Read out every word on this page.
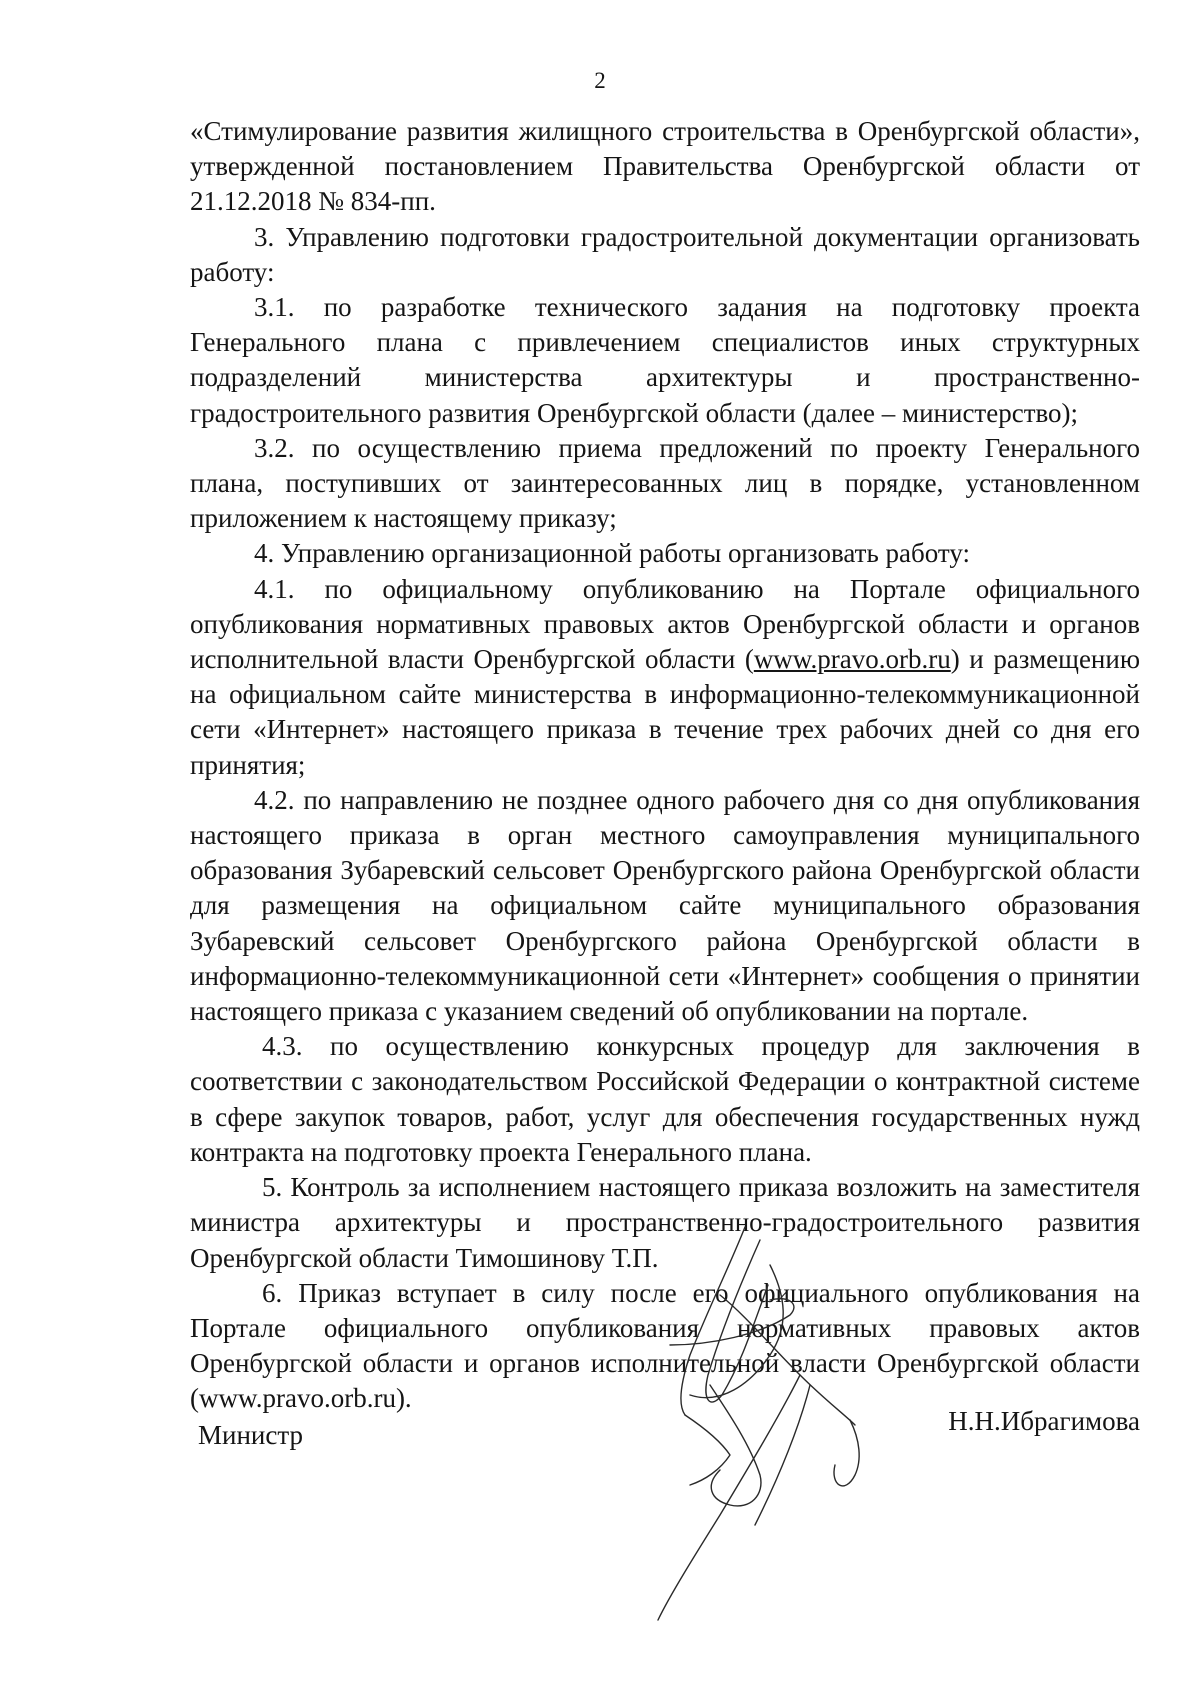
2

«Стимулирование развития жилищного строительства в Оренбургской области», утвержденной постановлением Правительства Оренбургской области от 21.12.2018 № 834-пп.

3. Управлению подготовки градостроительной документации организовать работу:

3.1. по разработке технического задания на подготовку проекта Генерального плана с привлечением специалистов иных структурных подразделений министерства архитектуры и пространственно-градостроительного развития Оренбургской области (далее – министерство);

3.2. по осуществлению приема предложений по проекту Генерального плана, поступивших от заинтересованных лиц в порядке, установленном приложением к настоящему приказу;

4. Управлению организационной работы организовать работу:

4.1. по официальному опубликованию на Портале официального опубликования нормативных правовых актов Оренбургской области и органов исполнительной власти Оренбургской области (www.pravo.orb.ru) и размещению на официальном сайте министерства в информационно-телекоммуникационной сети «Интернет» настоящего приказа в течение трех рабочих дней со дня его принятия;

4.2. по направлению не позднее одного рабочего дня со дня опубликования настоящего приказа в орган местного самоуправления муниципального образования Зубаревский сельсовет Оренбургского района Оренбургской области для размещения на официальном сайте муниципального образования Зубаревский сельсовет Оренбургского района Оренбургской области в информационно-телекоммуникационной сети «Интернет» сообщения о принятии настоящего приказа с указанием сведений об опубликовании на портале.

4.3. по осуществлению конкурсных процедур для заключения в соответствии с законодательством Российской Федерации о контрактной системе в сфере закупок товаров, работ, услуг для обеспечения государственных нужд контракта на подготовку проекта Генерального плана.

5. Контроль за исполнением настоящего приказа возложить на заместителя министра архитектуры и пространственно-градостроительного развития Оренбургской области Тимошинову Т.П.

6. Приказ вступает в силу после его официального опубликования на Портале официального опубликования нормативных правовых актов Оренбургской области и органов исполнительной власти Оренбургской области (www.pravo.orb.ru).

Министр	Н.Н.Ибрагимова
